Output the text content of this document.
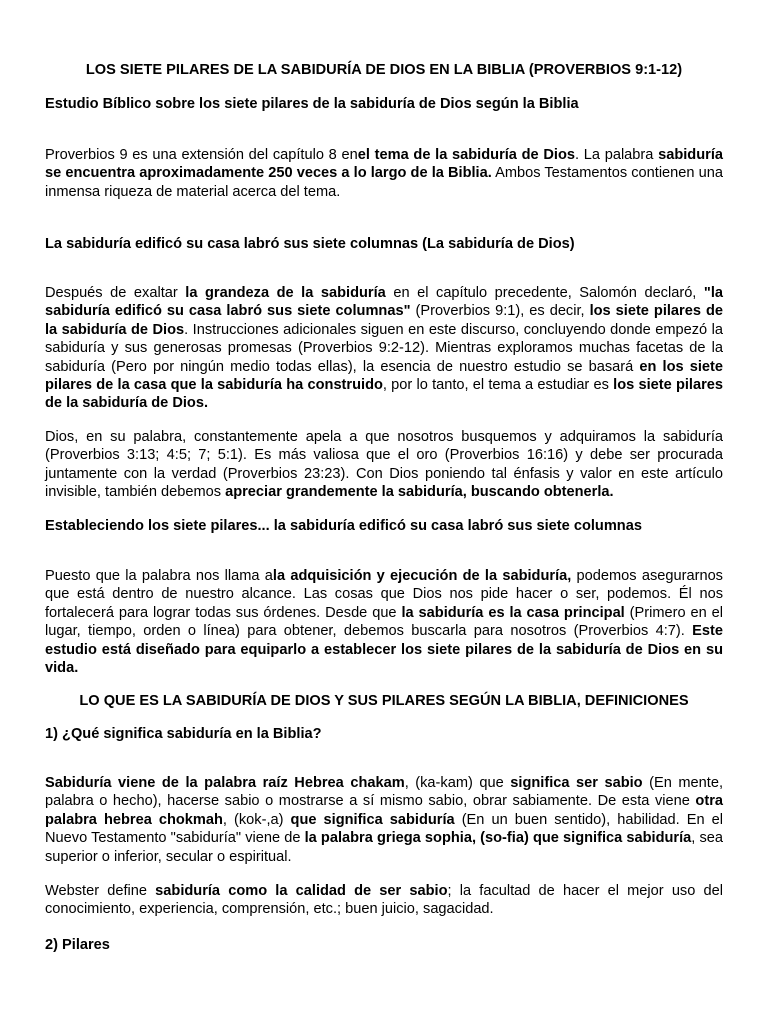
LOS SIETE PILARES DE LA SABIDURÍA DE DIOS EN LA BIBLIA (PROVERBIOS 9:1-12)
Estudio Bíblico sobre los siete pilares de la sabiduría de Dios según la Biblia

Proverbios 9 es una extensión del capítulo 8 enel tema de la sabiduría de Dios. La palabra sabiduría se encuentra aproximadamente 250 veces a lo largo de la Biblia. Ambos Testamentos contienen una inmensa riqueza de material acerca del tema.

La sabiduría edificó su casa labró sus siete columnas (La sabiduría de Dios)

Después de exaltar la grandeza de la sabiduría en el capítulo precedente, Salomón declaró, "la sabiduría edificó su casa labró sus siete columnas" (Proverbios 9:1), es decir, los siete pilares de la sabiduría de Dios. Instrucciones adicionales siguen en este discurso, concluyendo donde empezó la sabiduría y sus generosas promesas (Proverbios 9:2-12). Mientras exploramos muchas facetas de la sabiduría (Pero por ningún medio todas ellas), la esencia de nuestro estudio se basará en los siete pilares de la casa que la sabiduría ha construido, por lo tanto, el tema a estudiar es los siete pilares de la sabiduría de Dios.

Dios, en su palabra, constantemente apela a que nosotros busquemos y adquiramos la sabiduría (Proverbios 3:13; 4:5; 7; 5:1). Es más valiosa que el oro (Proverbios 16:16) y debe ser procurada juntamente con la verdad (Proverbios 23:23). Con Dios poniendo tal énfasis y valor en este artículo invisible, también debemos apreciar grandemente la sabiduría, buscando obtenerla.

Estableciendo los siete pilares... la sabiduría edificó su casa labró sus siete columnas

Puesto que la palabra nos llama ala adquisición y ejecución de la sabiduría, podemos asegurarnos que está dentro de nuestro alcance. Las cosas que Dios nos pide hacer o ser, podemos. Él nos fortalecerá para lograr todas sus órdenes. Desde que la sabiduría es la casa principal (Primero en el lugar, tiempo, orden o línea) para obtener, debemos buscarla para nosotros (Proverbios 4:7). Este estudio está diseñado para equiparlo a establecer los siete pilares de la sabiduría de Dios en su vida.

LO QUE ES LA SABIDURÍA DE DIOS Y SUS PILARES SEGÚN LA BIBLIA, DEFINICIONES
1) ¿Qué significa sabiduría en la Biblia?

Sabiduría viene de la palabra raíz Hebrea chakam, (ka-kam) que significa ser sabio (En mente, palabra o hecho), hacerse sabio o mostrarse a sí mismo sabio, obrar sabiamente. De esta viene otra palabra hebrea chokmah, (kok-,a) que significa sabiduría (En un buen sentido), habilidad. En el Nuevo Testamento "sabiduría" viene de la palabra griega sophia, (so-fia) que significa sabiduría, sea superior o inferior, secular o espiritual.

Webster define sabiduría como la calidad de ser sabio; la facultad de hacer el mejor uso del conocimiento, experiencia, comprensión, etc.; buen juicio, sagacidad.

2) Pilares
